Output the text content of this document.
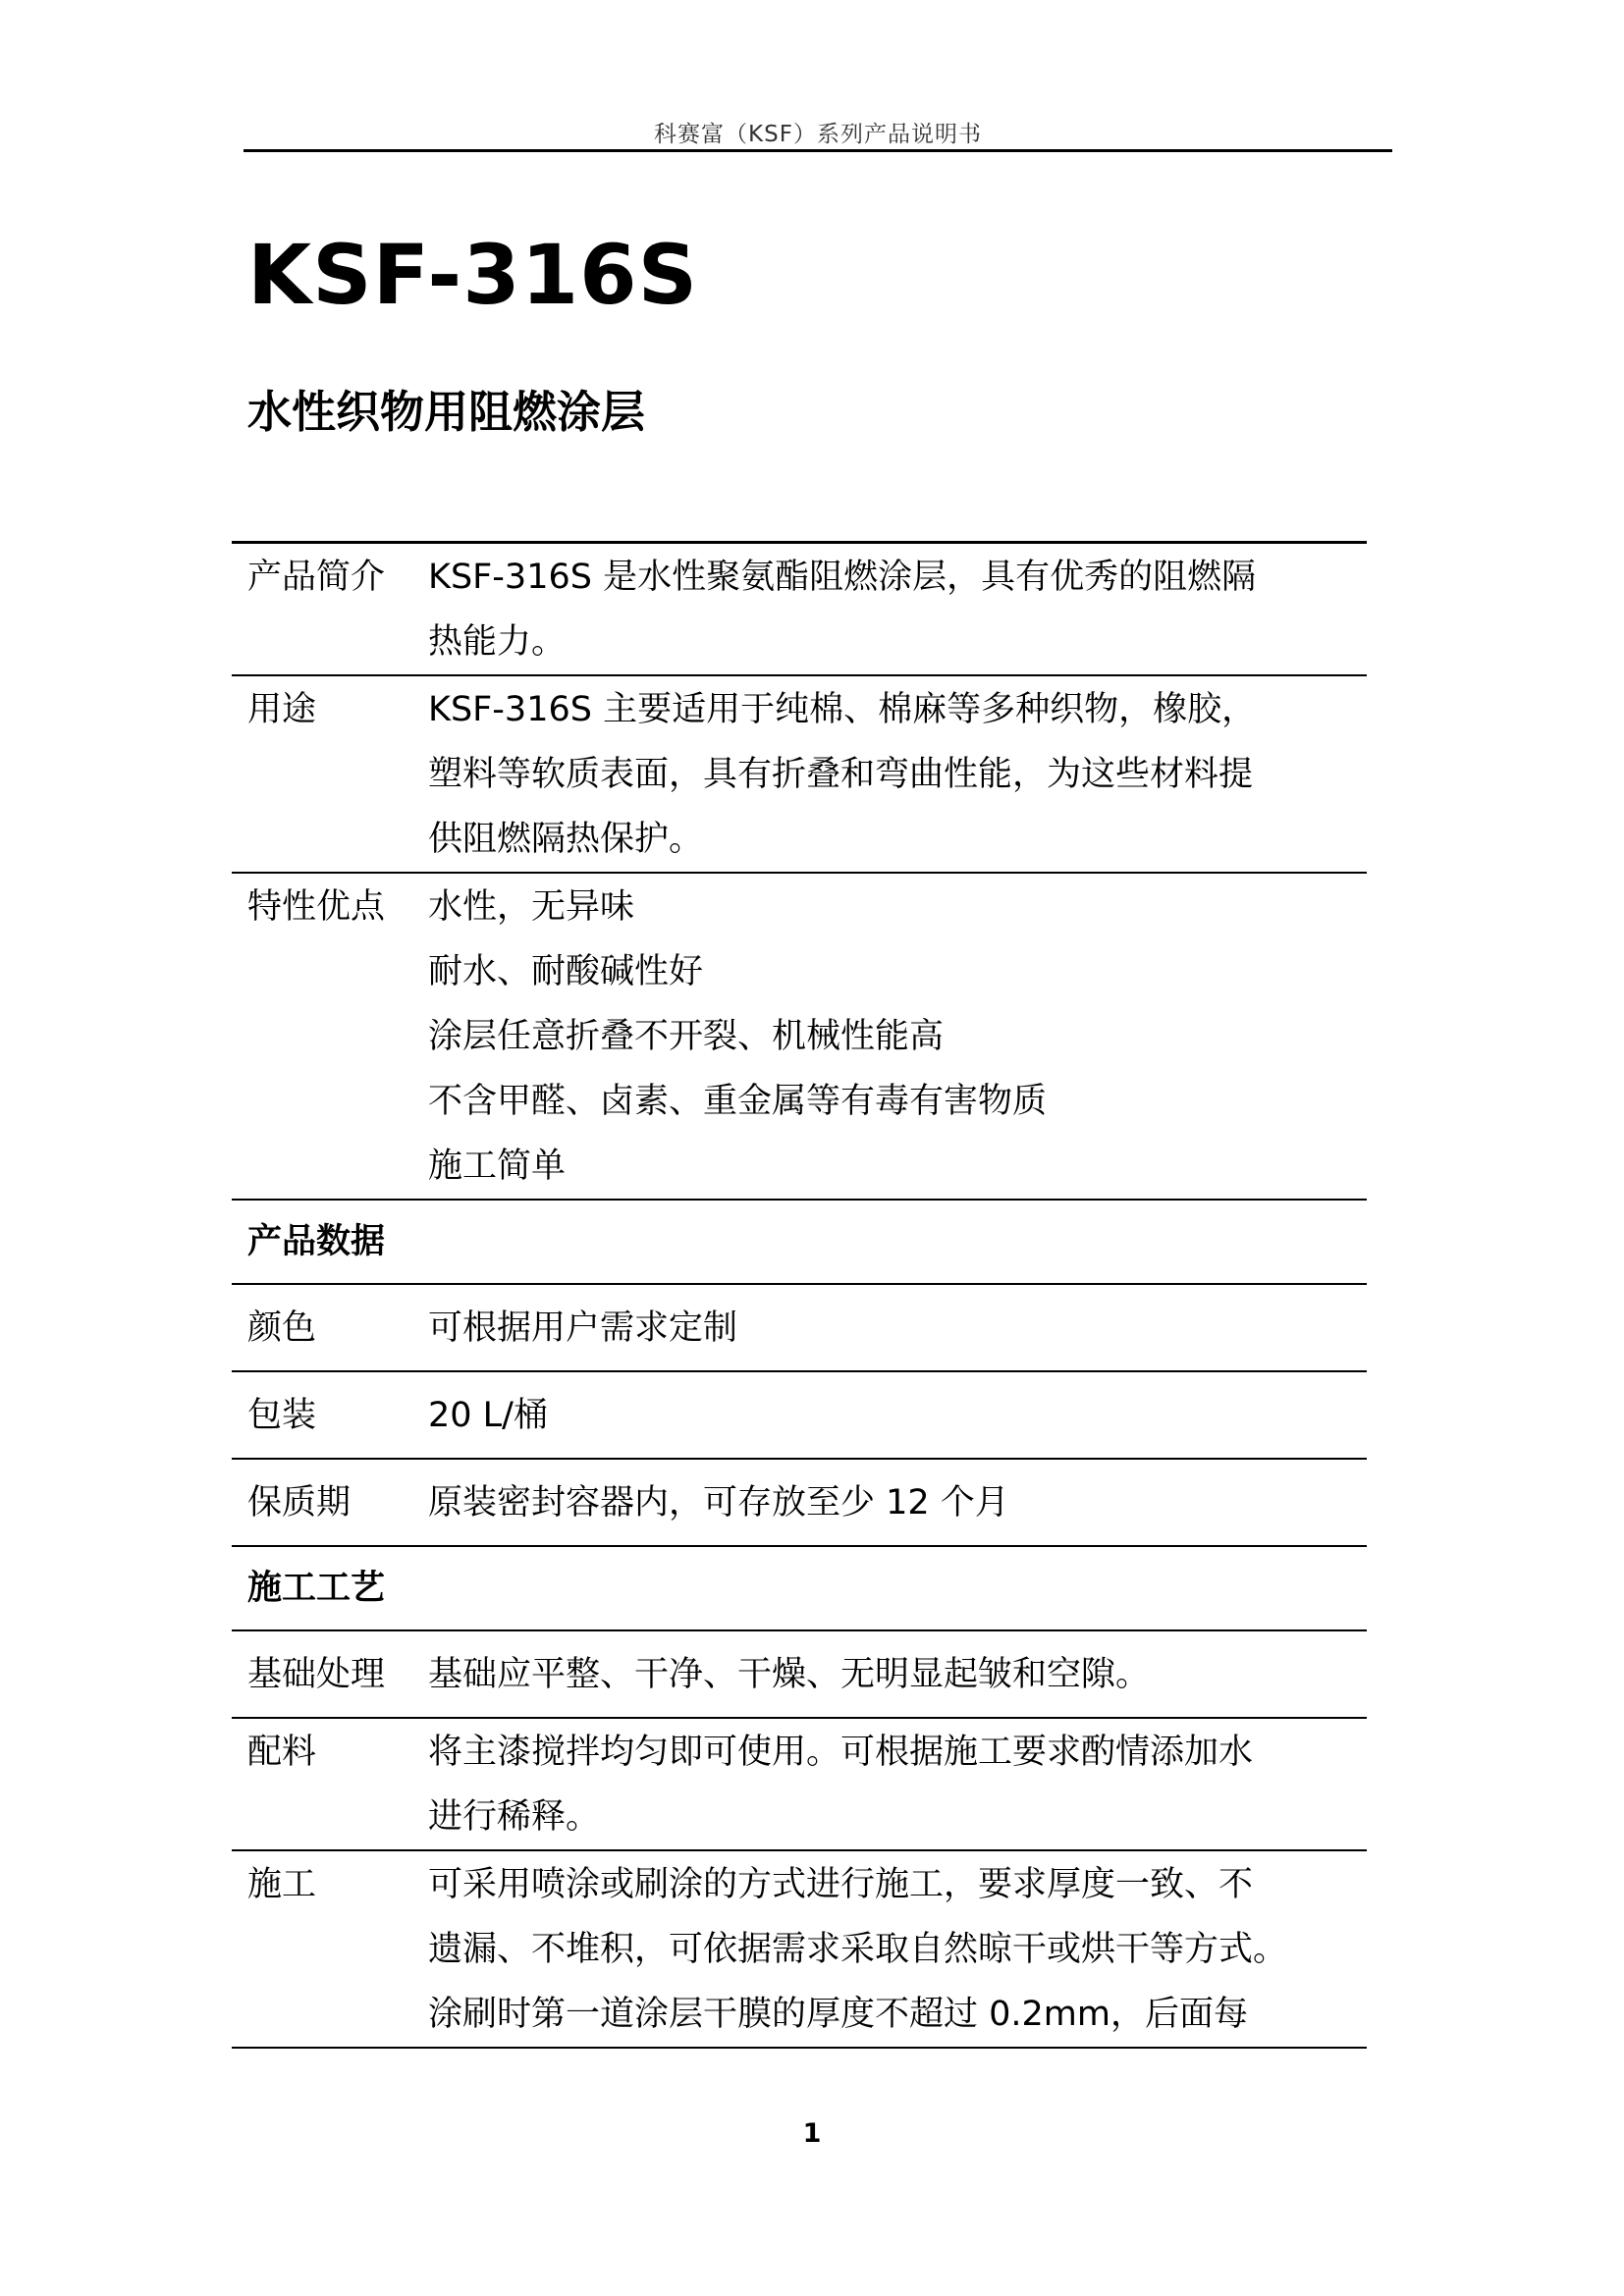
科赛富（KSF）系列产品说明书
KSF-316S
水性织物用阻燃涂层
产品简介	KSF-316S 是水性聚氨酯阻燃涂层，具有优秀的阻燃隔
热能力。
用途	KSF-316S 主要适用于纯棉、棉麻等多种织物，橡胶，
塑料等软质表面，具有折叠和弯曲性能，为这些材料提
供阻燃隔热保护。
特性优点	水性，无异味
耐水、耐酸碱性好
涂层任意折叠不开裂、机械性能高
不含甲醛、卤素、重金属等有毒有害物质
施工简单
产品数据
颜色	可根据用户需求定制
包装	20 L/桶
保质期	原装密封容器内，可存放至少 12 个月
施工工艺
基础处理	基础应平整、干净、干燥、无明显起皱和空隙。
配料	将主漆搅拌均匀即可使用。可根据施工要求酌情添加水
进行稀释。
施工	可采用喷涂或刷涂的方式进行施工，要求厚度一致、不
遗漏、不堆积，可依据需求采取自然晾干或烘干等方式。
涂刷时第一道涂层干膜的厚度不超过 0.2mm，后面每
1
